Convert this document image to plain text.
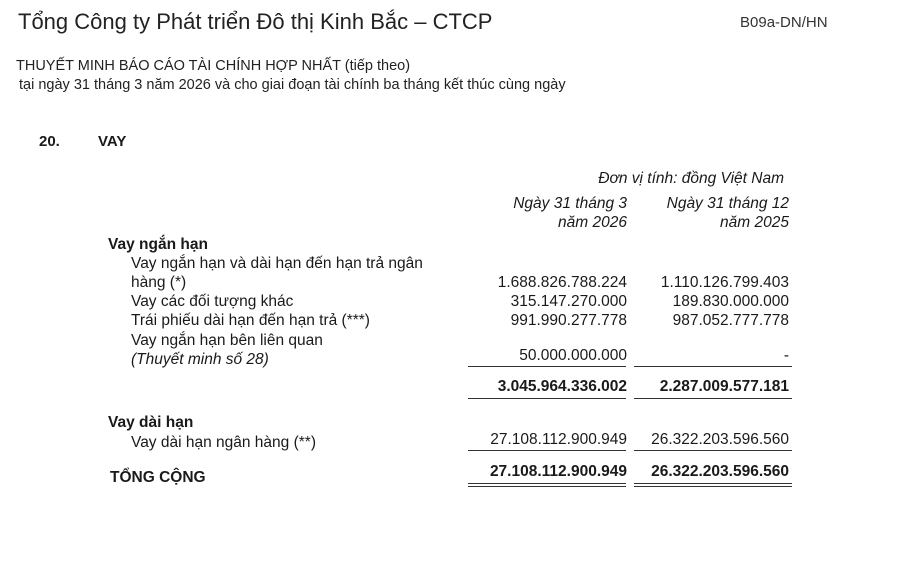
Tổng Công ty Phát triển Đô thị Kinh Bắc – CTCP	B09a-DN/HN
THUYẾT MINH BÁO CÁO TÀI CHÍNH HỢP NHẤT (tiếp theo)
tại ngày 31 tháng 3 năm 2026 và cho giai đoạn tài chính ba tháng kết thúc cùng ngày
20.	VAY
Đơn vị tính: đồng Việt Nam
Ngày 31 tháng 3
năm 2026
Ngày 31 tháng 12
năm 2025
Vay ngắn hạn
Vay ngắn hạn và dài hạn đến hạn trả ngân
hàng (*)	1.688.826.788.224	1.110.126.799.403
Vay các đối tượng khác	315.147.270.000	189.830.000.000
Trái phiếu dài hạn đến hạn trả (***)	991.990.277.778	987.052.777.778
Vay ngắn hạn bên liên quan
(Thuyết minh số 28)	50.000.000.000	-
3.045.964.336.002	2.287.009.577.181
Vay dài hạn
Vay dài hạn ngân hàng (**)	27.108.112.900.949	26.322.203.596.560
TỔNG CỘNG	27.108.112.900.949	26.322.203.596.560
